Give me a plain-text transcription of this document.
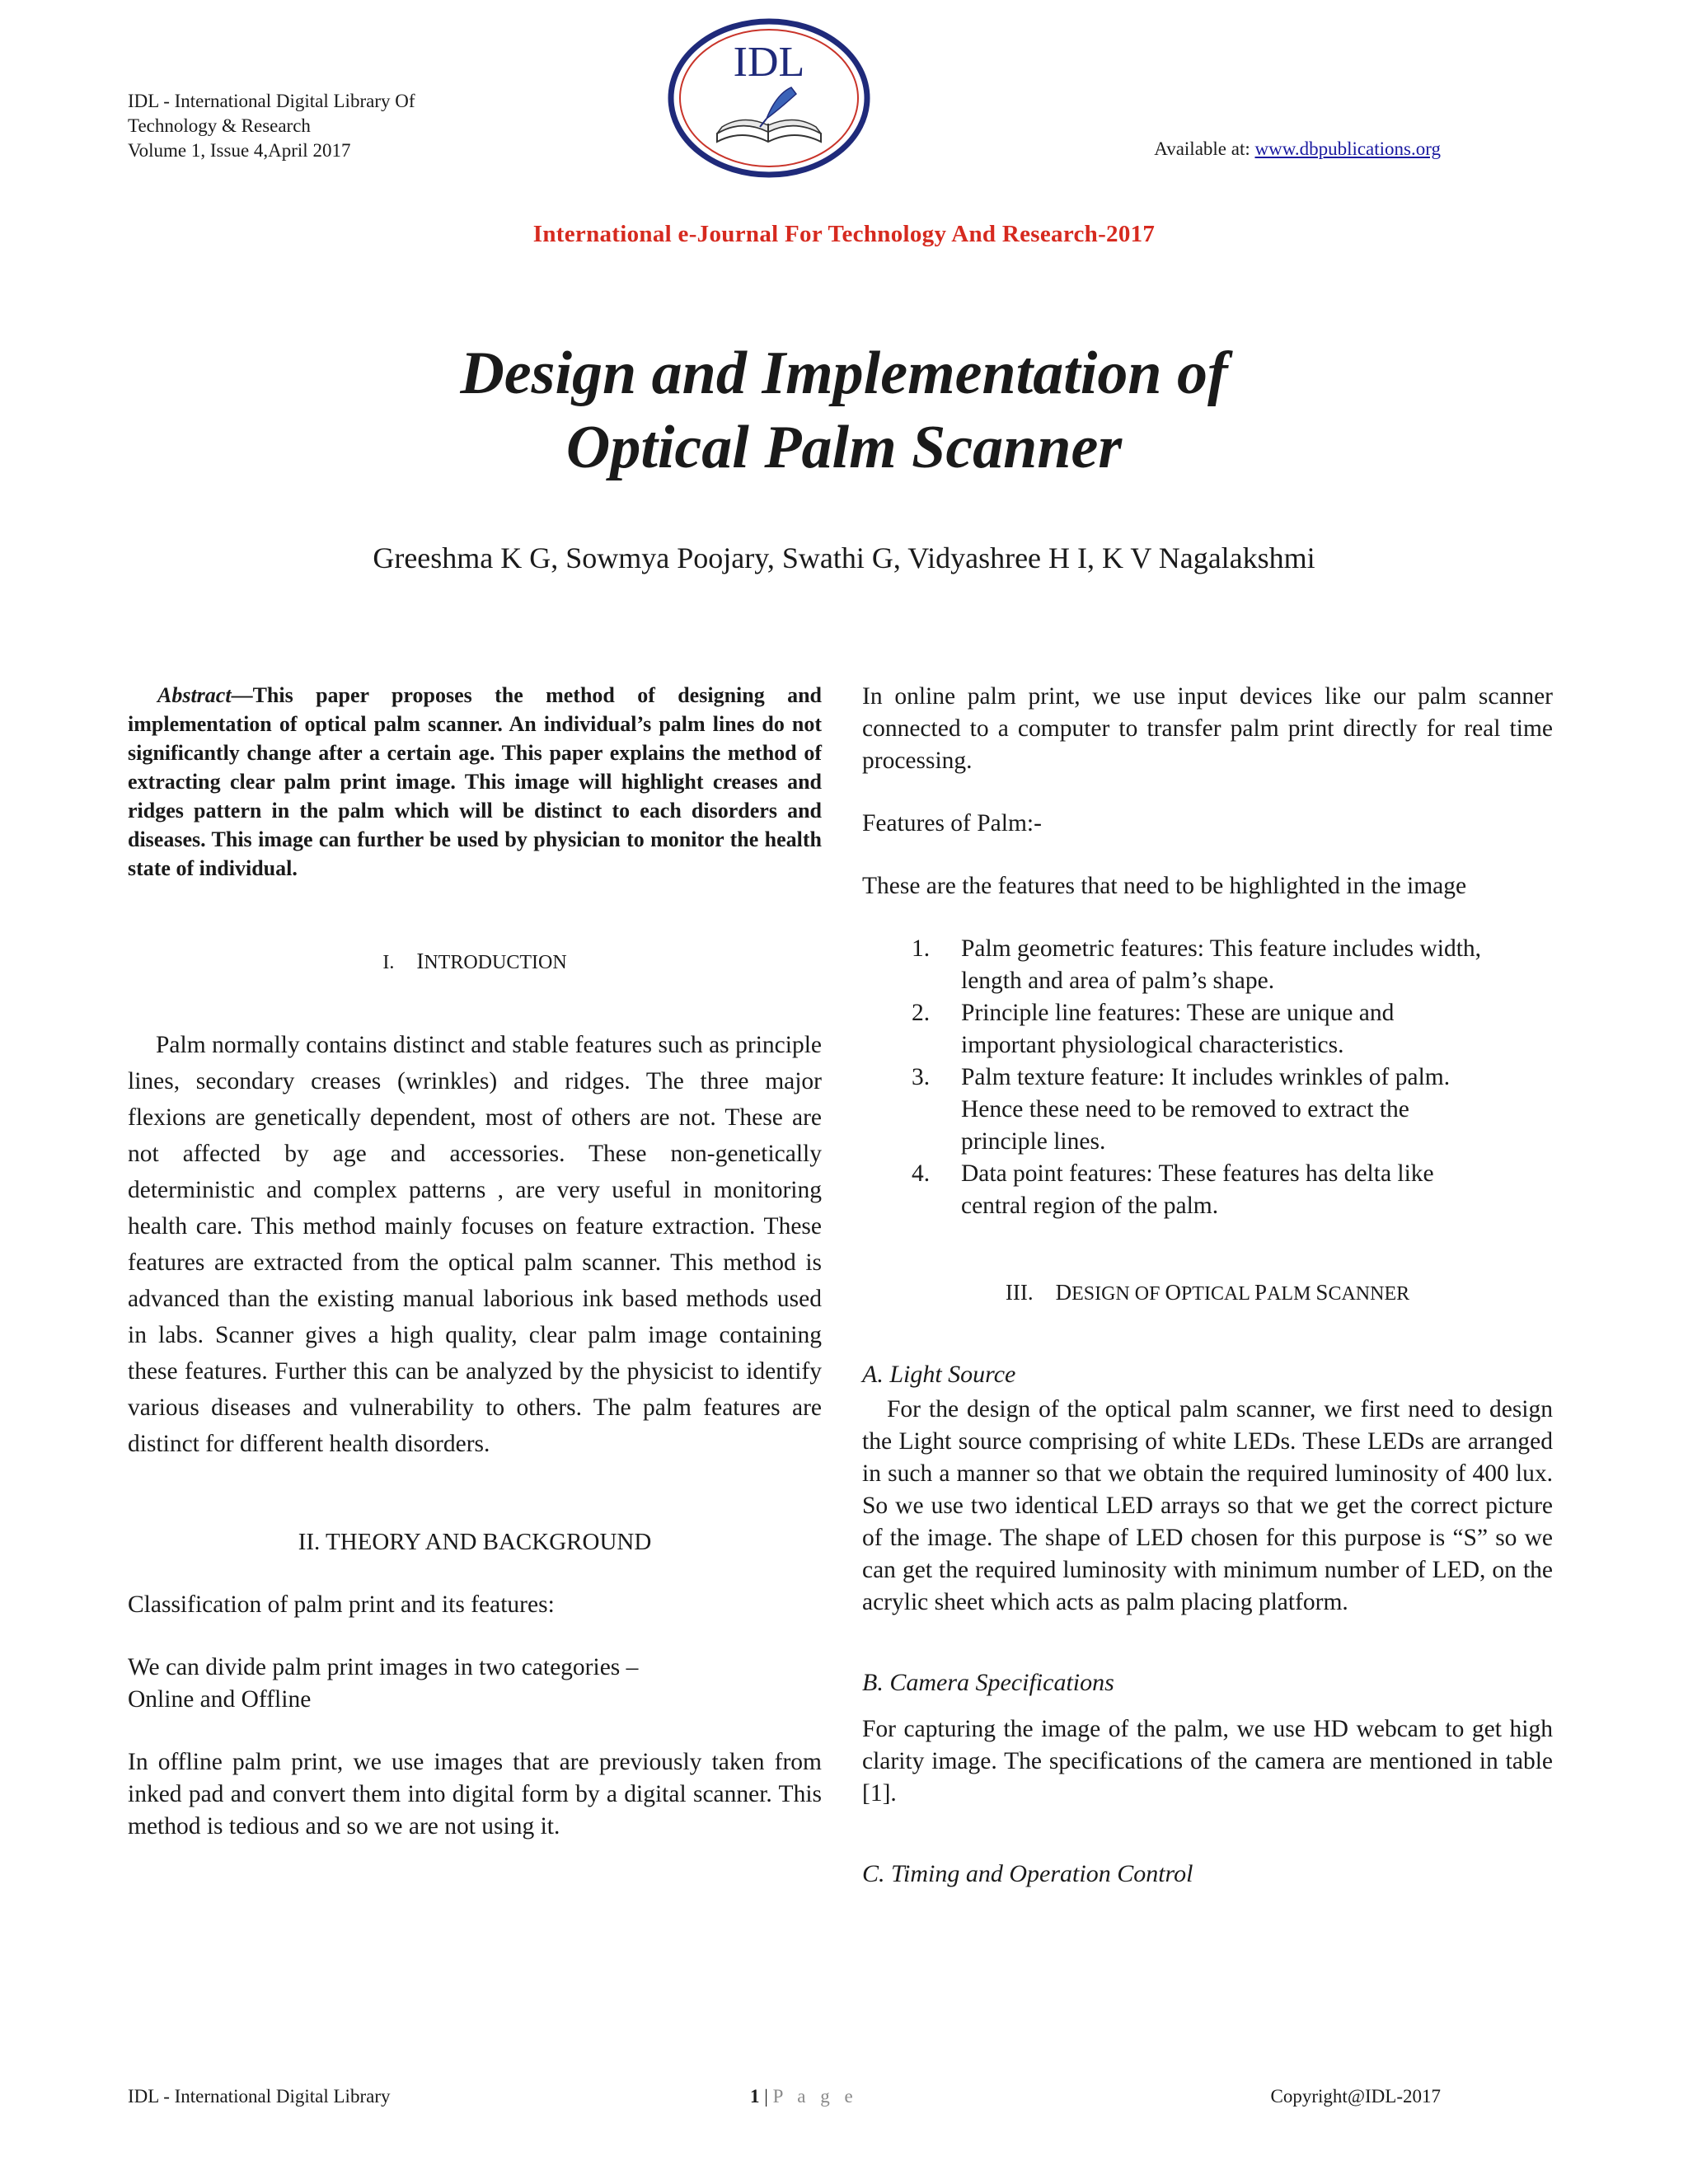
IDL - International Digital Library Of
Technology & Research
Volume 1, Issue 4,April 2017
IDL
Available at: www.dbpublications.org
International e-Journal For Technology And Research-2017
Design and Implementation of
Optical Palm Scanner
Greeshma K G, Sowmya Poojary, Swathi G, Vidyashree H I, K V Nagalakshmi

Abstract—This paper proposes the method of designing and implementation of optical palm scanner. An individual’s palm lines do not significantly change after a certain age. This paper explains the method of extracting clear palm print image. This image will highlight creases and ridges pattern in the palm which will be distinct to each disorders and diseases. This image can further be used by physician to monitor the health state of individual.

I. INTRODUCTION

Palm normally contains distinct and stable features such as principle lines, secondary creases (wrinkles) and ridges. The three major flexions are genetically dependent, most of others are not. These are not affected by age and accessories. These non-genetically deterministic and complex patterns , are very useful in monitoring health care. This method mainly focuses on feature extraction. These features are extracted from the optical palm scanner. This method is advanced than the existing manual laborious ink based methods used in labs. Scanner gives a high quality, clear palm image containing these features. Further this can be analyzed by the physicist to identify various diseases and vulnerability to others. The palm features are distinct for different health disorders.

II. THEORY AND BACKGROUND

Classification of palm print and its features:

We can divide palm print images in two categories –

Online and Offline

In offline palm print, we use images that are previously taken from inked pad and convert them into digital form by a digital scanner. This method is tedious and so we are not using it.

In online palm print, we use input devices like our palm scanner connected to a computer to transfer palm print directly for real time processing.

Features of Palm:-

These are the features that need to be highlighted in the image

1. Palm geometric features: This feature includes width, length and area of palm’s shape.
2. Principle line features: These are unique and important physiological characteristics.
3. Palm texture feature: It includes wrinkles of palm. Hence these need to be removed to extract the principle lines.
4. Data point features: These features has delta like central region of the palm.

III. DESIGN OF OPTICAL PALM SCANNER

A. Light Source

For the design of the optical palm scanner, we first need to design the Light source comprising of white LEDs. These LEDs are arranged in such a manner so that we obtain the required luminosity of 400 lux. So we use two identical LED arrays so that we get the correct picture of the image. The shape of LED chosen for this purpose is “S” so we can get the required luminosity with minimum number of LED, on the acrylic sheet which acts as palm placing platform.

B. Camera Specifications

For capturing the image of the palm, we use HD webcam to get high clarity image. The specifications of the camera are mentioned in table [1].

C. Timing and Operation Control

IDL - International Digital Library	1 | P a g e	Copyright@IDL-2017
